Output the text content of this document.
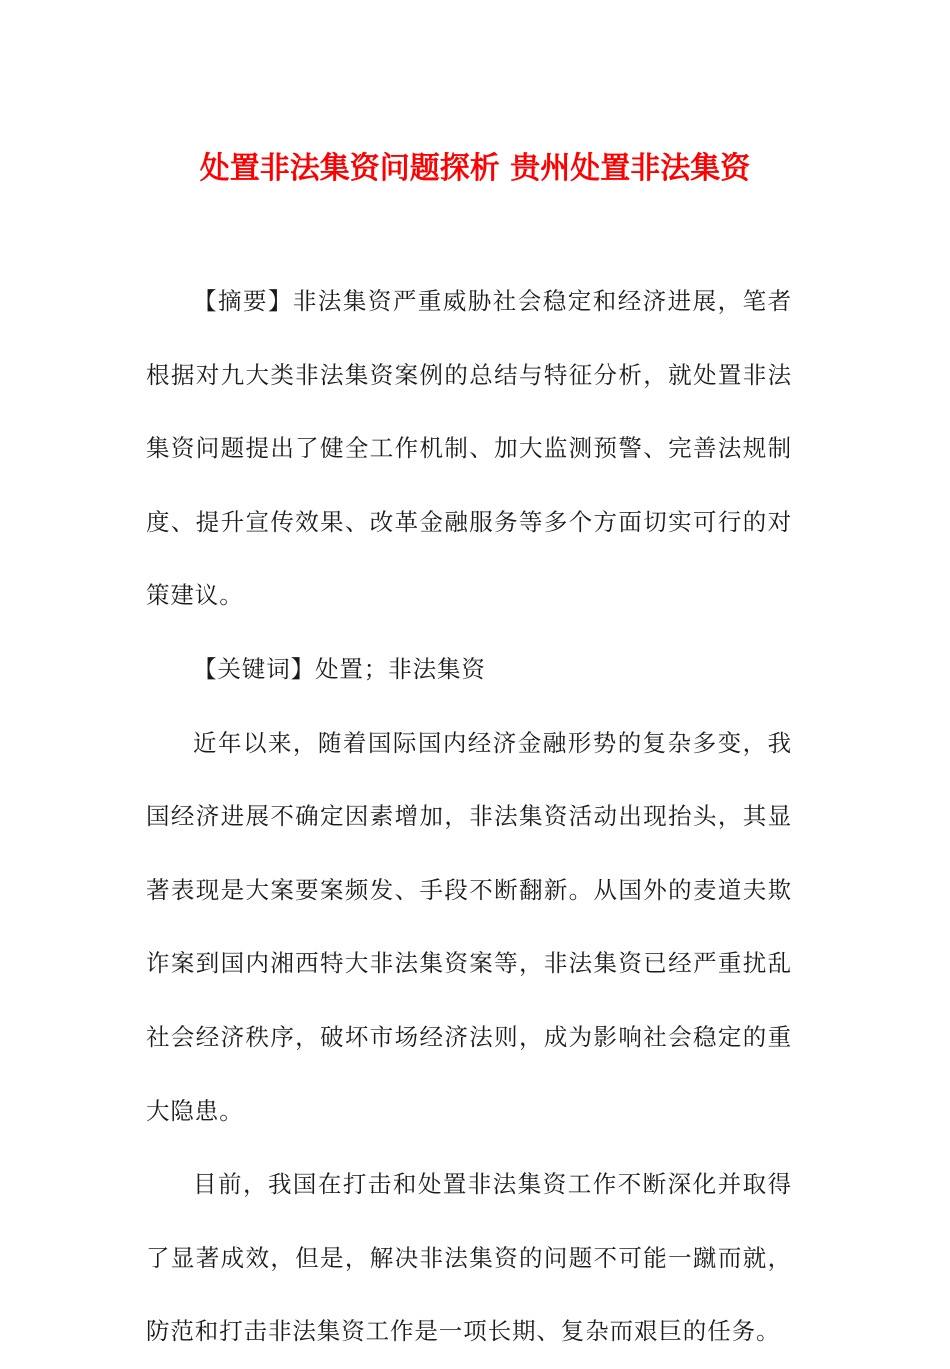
处置非法集资问题探析 贵州处置非法集资

【摘要】非法集资严重威胁社会稳定和经济进展，笔者根据对九大类非法集资案例的总结与特征分析，就处置非法集资问题提出了健全工作机制、加大监测预警、完善法规制度、提升宣传效果、改革金融服务等多个方面切实可行的对策建议。

【关键词】处置；非法集资

近年以来，随着国际国内经济金融形势的复杂多变，我国经济进展不确定因素增加，非法集资活动出现抬头，其显著表现是大案要案频发、手段不断翻新。从国外的麦道夫欺诈案到国内湘西特大非法集资案等，非法集资已经严重扰乱社会经济秩序，破坏市场经济法则，成为影响社会稳定的重大隐患。

目前，我国在打击和处置非法集资工作不断深化并取得了显著成效，但是，解决非法集资的问题不可能一蹴而就，防范和打击非法集资工作是一项长期、复杂而艰巨的任务。
